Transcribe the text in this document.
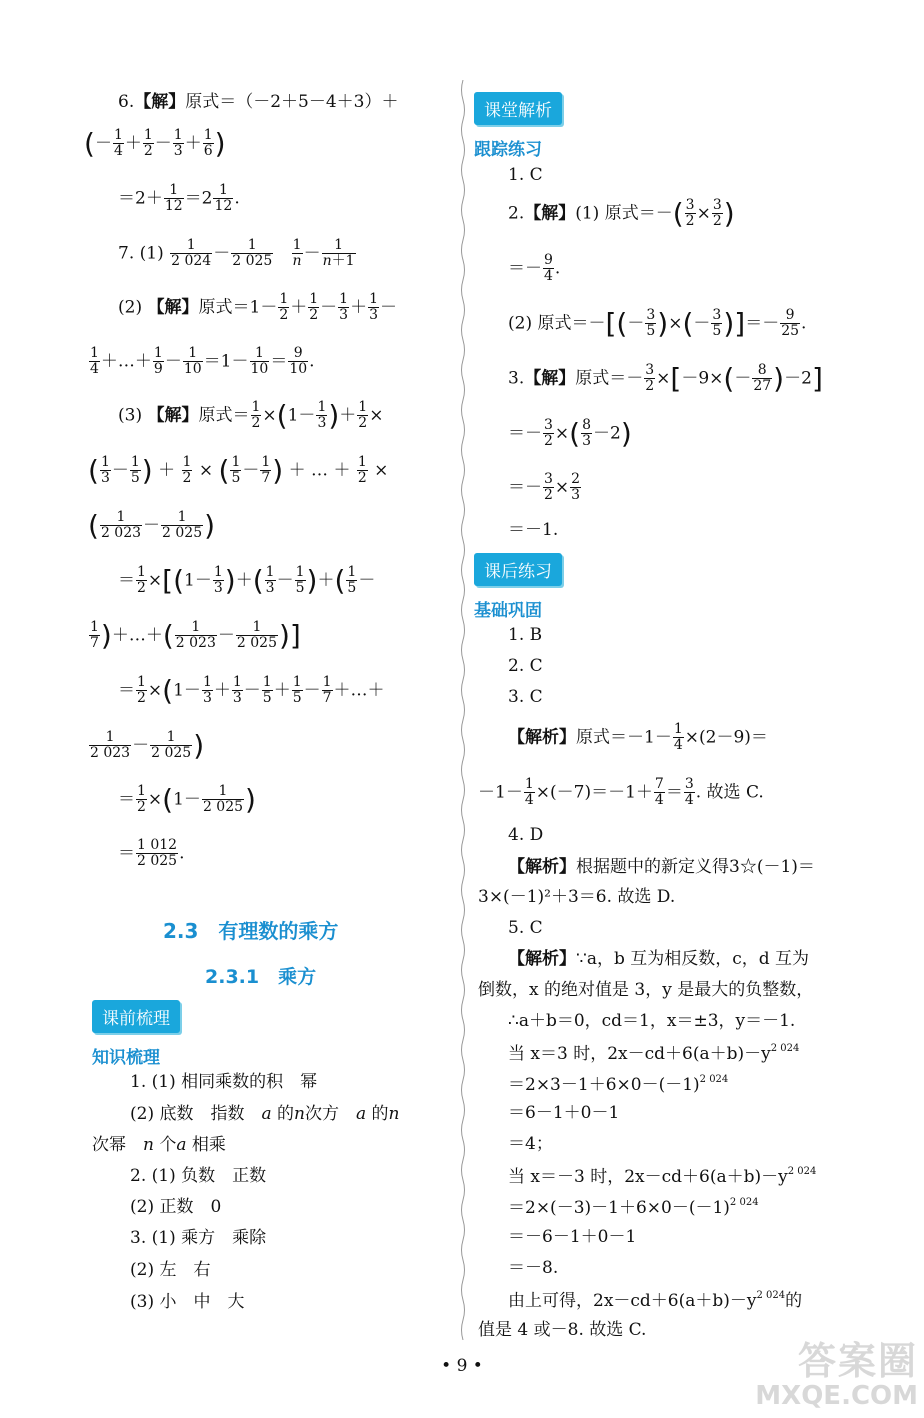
6.【解】原式＝（－2＋5－4＋3）＋
(－ $\frac{1}{4} + \frac{1}{2} - \frac{1}{3} + \frac{1}{6}$ )
$=2+ \frac{1}{12} =2 \frac{1}{12}$ .
7. $(1) \frac{1}{2 024} - \frac{1}{2 025}$
$\frac{1}{n} - \frac{1}{n+1}$
(2) 【解】原式$=1- \frac{1}{2} + \frac{1}{2} - \frac{1}{3} + \frac{1}{3}$ －
$\frac{1}{4}$ ＋…＋ $\frac{1}{9} - \frac{1}{10} =1- \frac{1}{10} = \frac{9}{10}$ .
(3) 【解】原式＝ $\frac{1}{2} \times(1- \frac{1}{3}$ )＋ $\frac{1}{2}$ ×
( $\frac{1}{3} - \frac{1}{5}$ ) ＋ $\frac{1}{2}$ × ( $\frac{1}{5} - \frac{1}{7}$ ) ＋ … ＋ $\frac{1}{2}$ ×
( $\frac{1}{2 023} - \frac{1}{2 025}$ )
＝ $\frac{1}{2} \times[(1- \frac{1}{3}$ )＋( $\frac{1}{3} - \frac{1}{5}$ )＋( $\frac{1}{5}$ －
$\frac{1}{7}$ )＋…＋( $\frac{1}{2 023} - \frac{1}{2 025}$ )]
＝ $\frac{1}{2} \times(1- \frac{1}{3} + \frac{1}{3} - \frac{1}{5} + \frac{1}{5} - \frac{1}{7}$ ＋…＋
$\frac{1}{2 023} - \frac{1}{2 025}$ )
＝ $\frac{1}{2} \times(1- \frac{1}{2 025}$ )
＝ $\frac{1 012}{2 025}$ .
2.3　有理数的乘方
2.3.1　乘方
课前梳理
知识梳理
1. (1) 相同乘数的积　幂
(2) 底数　指数　a 的n次方　a 的n
次幂　n 个a 相乘
2. (1) 负数　正数
(2) 正数　0
3. (1) 乘方　乘除
(2) 左　右
(3) 小　中　大
课堂解析
跟踪练习
1. C
2.【解】(1) 原式＝－( $\frac{3}{2} \times \frac{3}{2}$ )
＝－ $\frac{9}{4}$ .
(2) 原式＝－[(－ $\frac{3}{5}$ )×(－ $\frac{3}{5}$ )]＝－ $\frac{9}{25}$ .
3.【解】原式＝－ $\frac{3}{2} \times[-9\times(- \frac{8}{27} )-2]$
＝－ $\frac{3}{2}$ ×( $\frac{8}{3} -2$)
＝－ $\frac{3}{2} \times \frac{2}{3}$
＝－1.
课后练习
基础巩固
1. B
2. C
3. C
【解析】原式$=-1- \frac{1}{4} \times(2-9)=$
$-1- \frac{1}{4} \times(-7)=-1+ \frac{7}{4} = \frac{3}{4}$ . 故选 C.
4. D
【解析】根据题中的新定义得3☆(－1)＝
3×(－1)²＋3＝6. 故选 D.
5. C
【解析】∵a，b 互为相反数，c，d 互为
倒数，x 的绝对值是 3，y 是最大的负整数，
∴a＋b＝0，cd＝1，x＝±3，y＝－1.
当 x＝3 时，$2x-cd+6(a+b)-y^{2 024}$
$=2\times 3-1+6\times 0-(-1)^{2 024}$
＝6－1＋0－1
＝4；
当 x＝－3 时，$2x-cd+6(a+b)-y^{2 024}$
$=2\times(-3)-1+6\times 0-(-1)^{2 024}$
＝－6－1＋0－1
＝－8.
由上可得，$2x-cd+6(a+b)-y^{2 024}$的
值是 4 或－8. 故选 C.
• 9 •	答案圈
MXQE.COM
